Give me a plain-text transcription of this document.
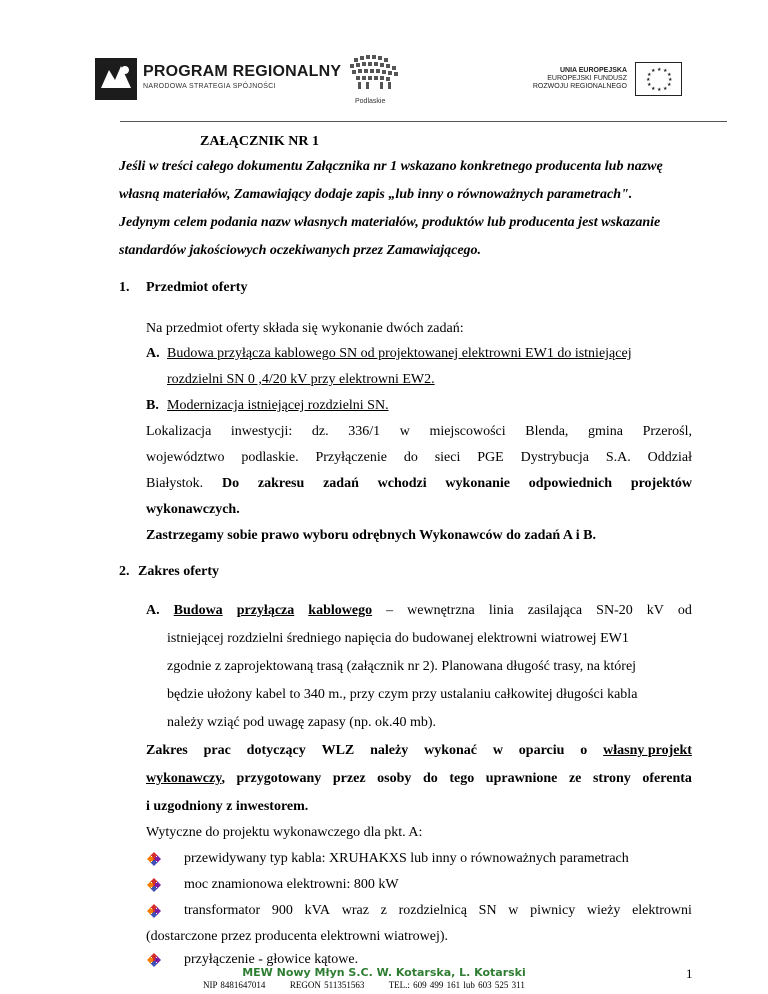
PROGRAM REGIONALNY
NARODOWA STRATEGIA SPÓJNOŚCI
Podlaskie
UNIA EUROPEJSKA
EUROPEJSKI FUNDUSZ
ROZWOJU REGIONALNEGO
★ ★
★
★
★
★
★
★
★
★
★
★
ZAŁĄCZNIK NR 1
Jeśli w treści całego dokumentu Załącznika nr 1 wskazano konkretnego producenta lub nazwę
własną materiałów, Zamawiający dodaje zapis „lub inny o równoważnych parametrach".
Jedynym celem podania nazw własnych materiałów, produktów lub producenta jest wskazanie
standardów jakościowych oczekiwanych przez Zamawiającego.
1. Przedmiot oferty
Na przedmiot oferty składa się wykonanie dwóch zadań:
A. Budowa przyłącza kablowego SN od projektowanej elektrowni EW1 do istniejącej
rozdzielni SN 0 ,4/20 kV przy elektrowni EW2.
B. Modernizacja istniejącej rozdzielni SN.
Lokalizacja inwestycji: dz. 336/1 w miejscowości Blenda, gmina Przerośl,
województwo podlaskie. Przyłączenie do sieci PGE Dystrybucja S.A. Oddział
Białystok. Do zakresu zadań wchodzi wykonanie odpowiednich projektów
wykonawczych.
Zastrzegamy sobie prawo wyboru odrębnych Wykonawców do zadań A i B.
2. Zakres oferty
A. Budowa przyłącza kablowego – wewnętrzna linia zasilająca SN-20 kV od
istniejącej rozdzielni średniego napięcia do budowanej elektrowni wiatrowej EW1
zgodnie z zaprojektowaną trasą (załącznik nr 2). Planowana długość trasy, na której
będzie ułożony kabel to 340 m., przy czym przy ustalaniu całkowitej długości kabla
należy wziąć pod uwagę zapasy (np. ok.40 mb).
Zakres prac dotyczący WLZ należy wykonać w oparciu o własny projekt
wykonawczy, przygotowany przez osoby do tego uprawnione ze strony oferenta
i uzgodniony z inwestorem.
Wytyczne do projektu wykonawczego dla pkt. A:
przewidywany typ kabla: XRUHAKXS lub inny o równoważnych parametrach
moc znamionowa elektrowni: 800 kW
transformator 900 kVA wraz z rozdzielnicą SN w piwnicy wieży elektrowni
(dostarczone przez producenta elektrowni wiatrowej).
przyłączenie - głowice kątowe.
MEW Nowy Młyn S.C. W. Kotarska, L. Kotarski
NIP 8481647014	REGON 511351563	TEL.: 609 499 161 lub 603 525 311
1
